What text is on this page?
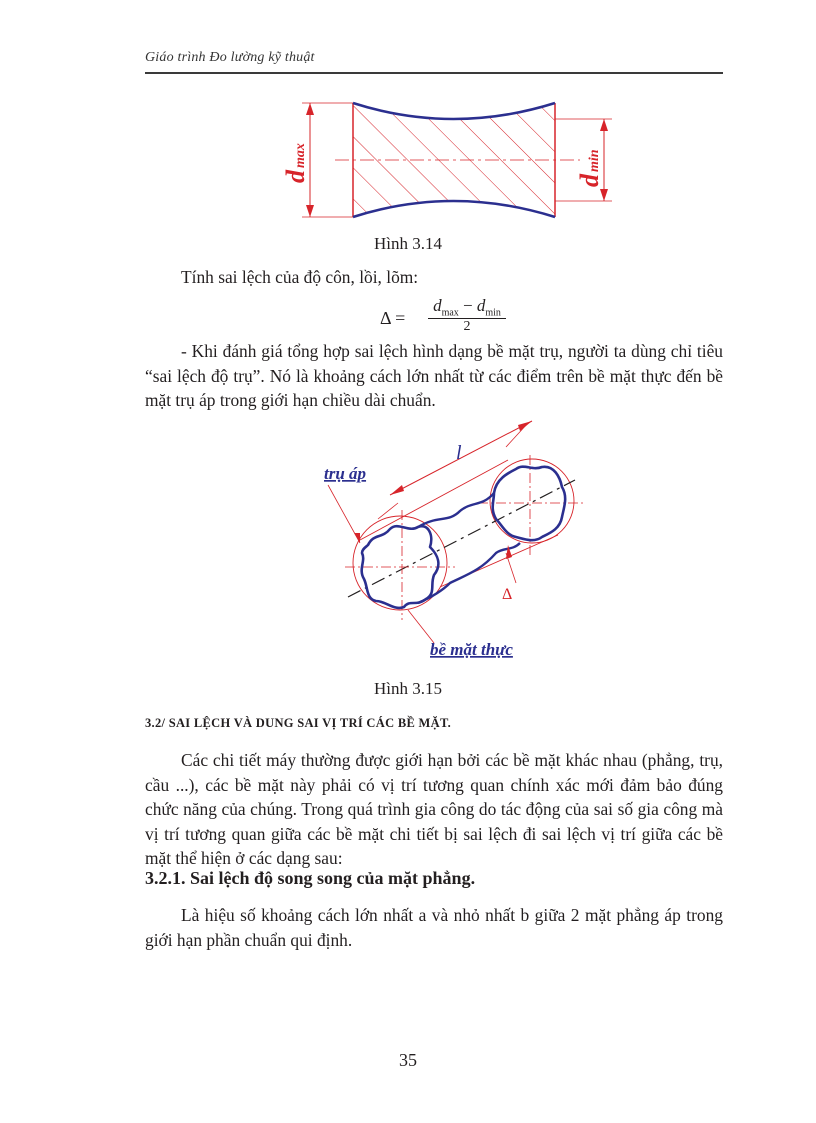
Giáo trình Đo lường kỹ thuật
dmax
dmin
Hình 3.14

Tính sai lệch của độ côn, lồi, lõm:

Δ =
$d_{max} - d_{min}$
2

- Khi đánh giá tổng hợp sai lệch hình dạng bề mặt trụ, người ta dùng chỉ tiêu “sai lệch độ trụ”. Nó là khoảng cách lớn nhất từ các điểm trên bề mặt thực đến bề mặt trụ áp trong giới hạn chiều dài chuẩn.

l
Δ
trụ áp
bề mặt thực
Hình 3.15
3.2/ SAI LỆCH VÀ DUNG SAI VỊ TRÍ CÁC BỀ MẶT.

Các chi tiết máy thường được giới hạn bởi các bề mặt khác nhau (phẳng, trụ, cầu ...), các bề mặt này phải có vị trí tương quan chính xác mới đảm bảo đúng chức năng của chúng. Trong quá trình gia công do tác động của sai số gia công mà vị trí tương quan giữa các bề mặt chi tiết bị sai lệch đi sai lệch vị trí giữa các bề mặt thể hiện ở các dạng sau:

3.2.1. Sai lệch độ song song của mặt phẳng.

Là hiệu số khoảng cách lớn nhất a và nhỏ nhất b giữa 2 mặt phẳng áp trong giới hạn phần chuẩn qui định.

35
